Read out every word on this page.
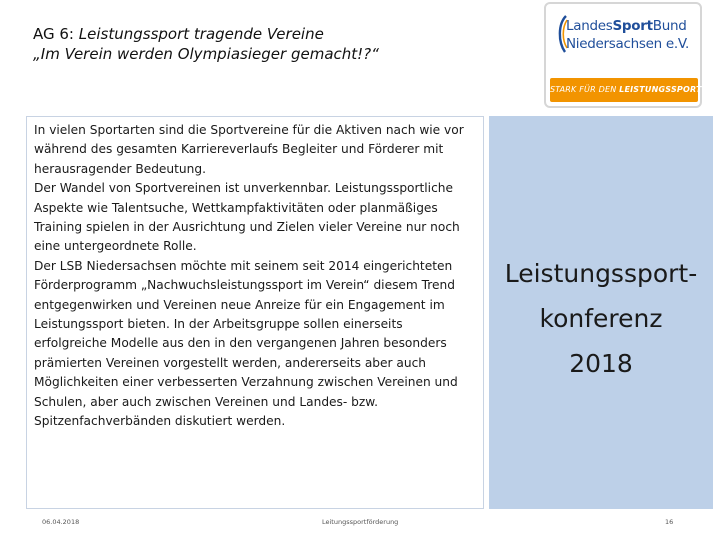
AG 6: Leistungssport tragende Vereine
„Im Verein werden Olympiasieger gemacht!?“
LandesSportBund
Niedersachsen e.V.
STARK FÜR DEN LEISTUNGSSPORT!

In vielen Sportarten sind die Sportvereine für die Aktiven nach wie vor während des gesamten Karriereverlaufs Begleiter und Förderer mit herausragender Bedeutung.

Der Wandel von Sportvereinen ist unverkennbar. Leistungssportliche Aspekte wie Talentsuche, Wettkampfaktivitäten oder planmäßiges Training spielen in der Ausrichtung und Zielen vieler Vereine nur noch eine untergeordnete Rolle.

Der LSB Niedersachsen möchte mit seinem seit 2014 eingerichteten Förderprogramm „Nachwuchsleistungssport im Verein“ diesem Trend entgegenwirken und Vereinen neue Anreize für ein Engagement im Leistungssport bieten. In der Arbeitsgruppe sollen einerseits erfolgreiche Modelle aus den in den vergangenen Jahren besonders prämierten Vereinen vorgestellt werden, andererseits aber auch Möglichkeiten einer verbesserten Verzahnung zwischen Vereinen und Schulen, aber auch zwischen Vereinen und Landes- bzw. Spitzenfachverbänden diskutiert werden.

Leistungssport-
konferenz
2018
06.04.2018	Leitungssportförderung	16
